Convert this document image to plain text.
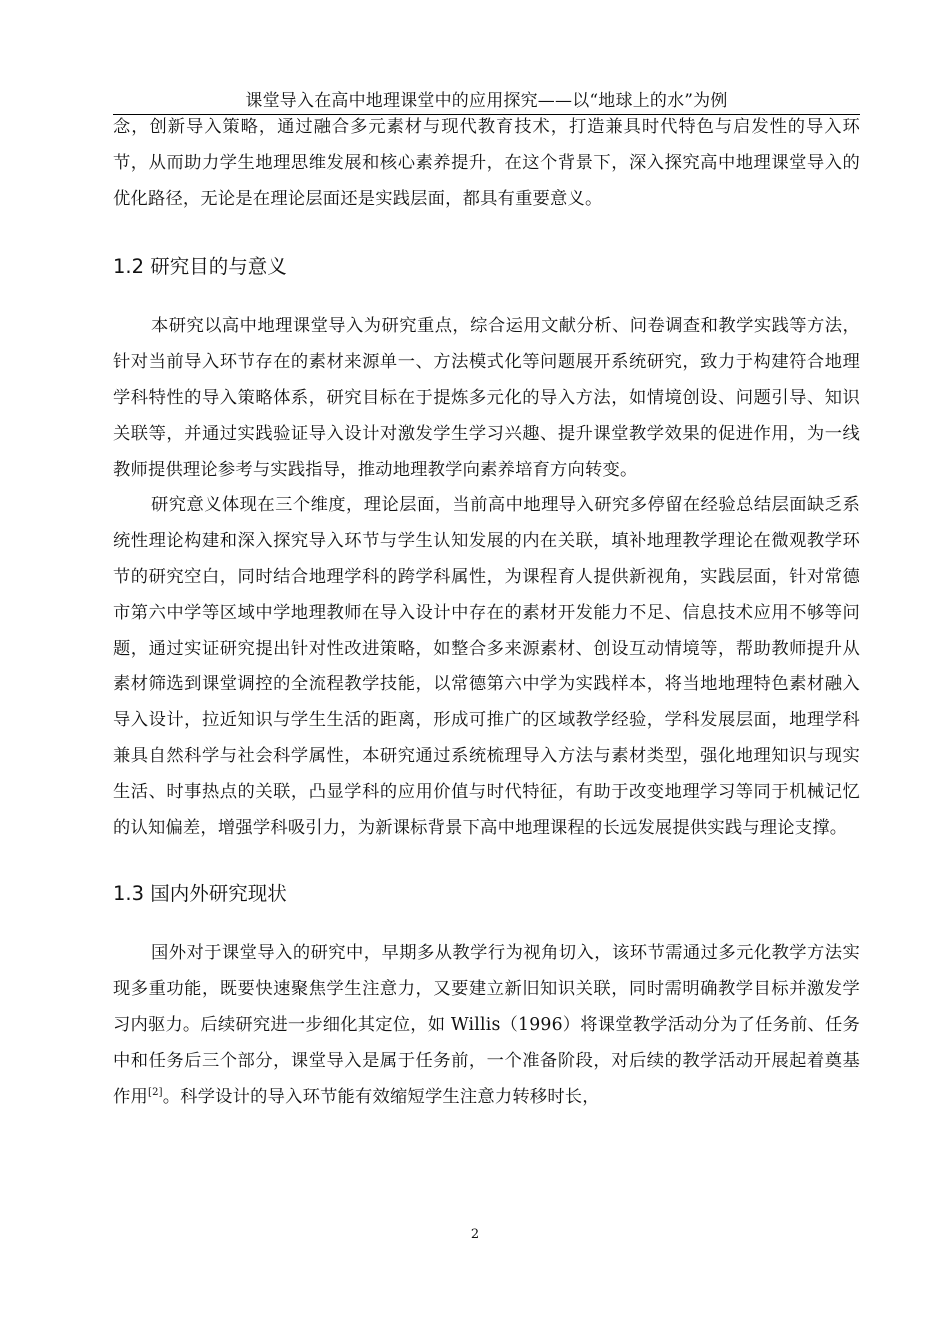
课堂导入在高中地理课堂中的应用探究——以“地球上的水”为例

念，创新导入策略，通过融合多元素材与现代教育技术，打造兼具时代特色与启发性的导入环节，从而助力学生地理思维发展和核心素养提升，在这个背景下，深入探究高中地理课堂导入的优化路径，无论是在理论层面还是实践层面，都具有重要意义。

1.2 研究目的与意义

本研究以高中地理课堂导入为研究重点，综合运用文献分析、问卷调查和教学实践等方法，针对当前导入环节存在的素材来源单一、方法模式化等问题展开系统研究，致力于构建符合地理学科特性的导入策略体系，研究目标在于提炼多元化的导入方法，如情境创设、问题引导、知识关联等，并通过实践验证导入设计对激发学生学习兴趣、提升课堂教学效果的促进作用，为一线教师提供理论参考与实践指导，推动地理教学向素养培育方向转变。

研究意义体现在三个维度，理论层面，当前高中地理导入研究多停留在经验总结层面缺乏系统性理论构建和深入探究导入环节与学生认知发展的内在关联，填补地理教学理论在微观教学环节的研究空白，同时结合地理学科的跨学科属性，为课程育人提供新视角，实践层面，针对常德市第六中学等区域中学地理教师在导入设计中存在的素材开发能力不足、信息技术应用不够等问题，通过实证研究提出针对性改进策略，如整合多来源素材、创设互动情境等，帮助教师提升从素材筛选到课堂调控的全流程教学技能，以常德第六中学为实践样本，将当地地理特色素材融入导入设计，拉近知识与学生生活的距离，形成可推广的区域教学经验，学科发展层面，地理学科兼具自然科学与社会科学属性，本研究通过系统梳理导入方法与素材类型，强化地理知识与现实生活、时事热点的关联，凸显学科的应用价值与时代特征，有助于改变地理学习等同于机械记忆的认知偏差，增强学科吸引力，为新课标背景下高中地理课程的长远发展提供实践与理论支撑。

1.3 国内外研究现状

国外对于课堂导入的研究中，早期多从教学行为视角切入，该环节需通过多元化教学方法实现多重功能，既要快速聚焦学生注意力，又要建立新旧知识关联，同时需明确教学目标并激发学习内驱力。后续研究进一步细化其定位，如 Willis（1996）将课堂教学活动分为了任务前、任务中和任务后三个部分，课堂导入是属于任务前，一个准备阶段，对后续的教学活动开展起着奠基作用[2]。科学设计的导入环节能有效缩短学生注意力转移时长，

2
